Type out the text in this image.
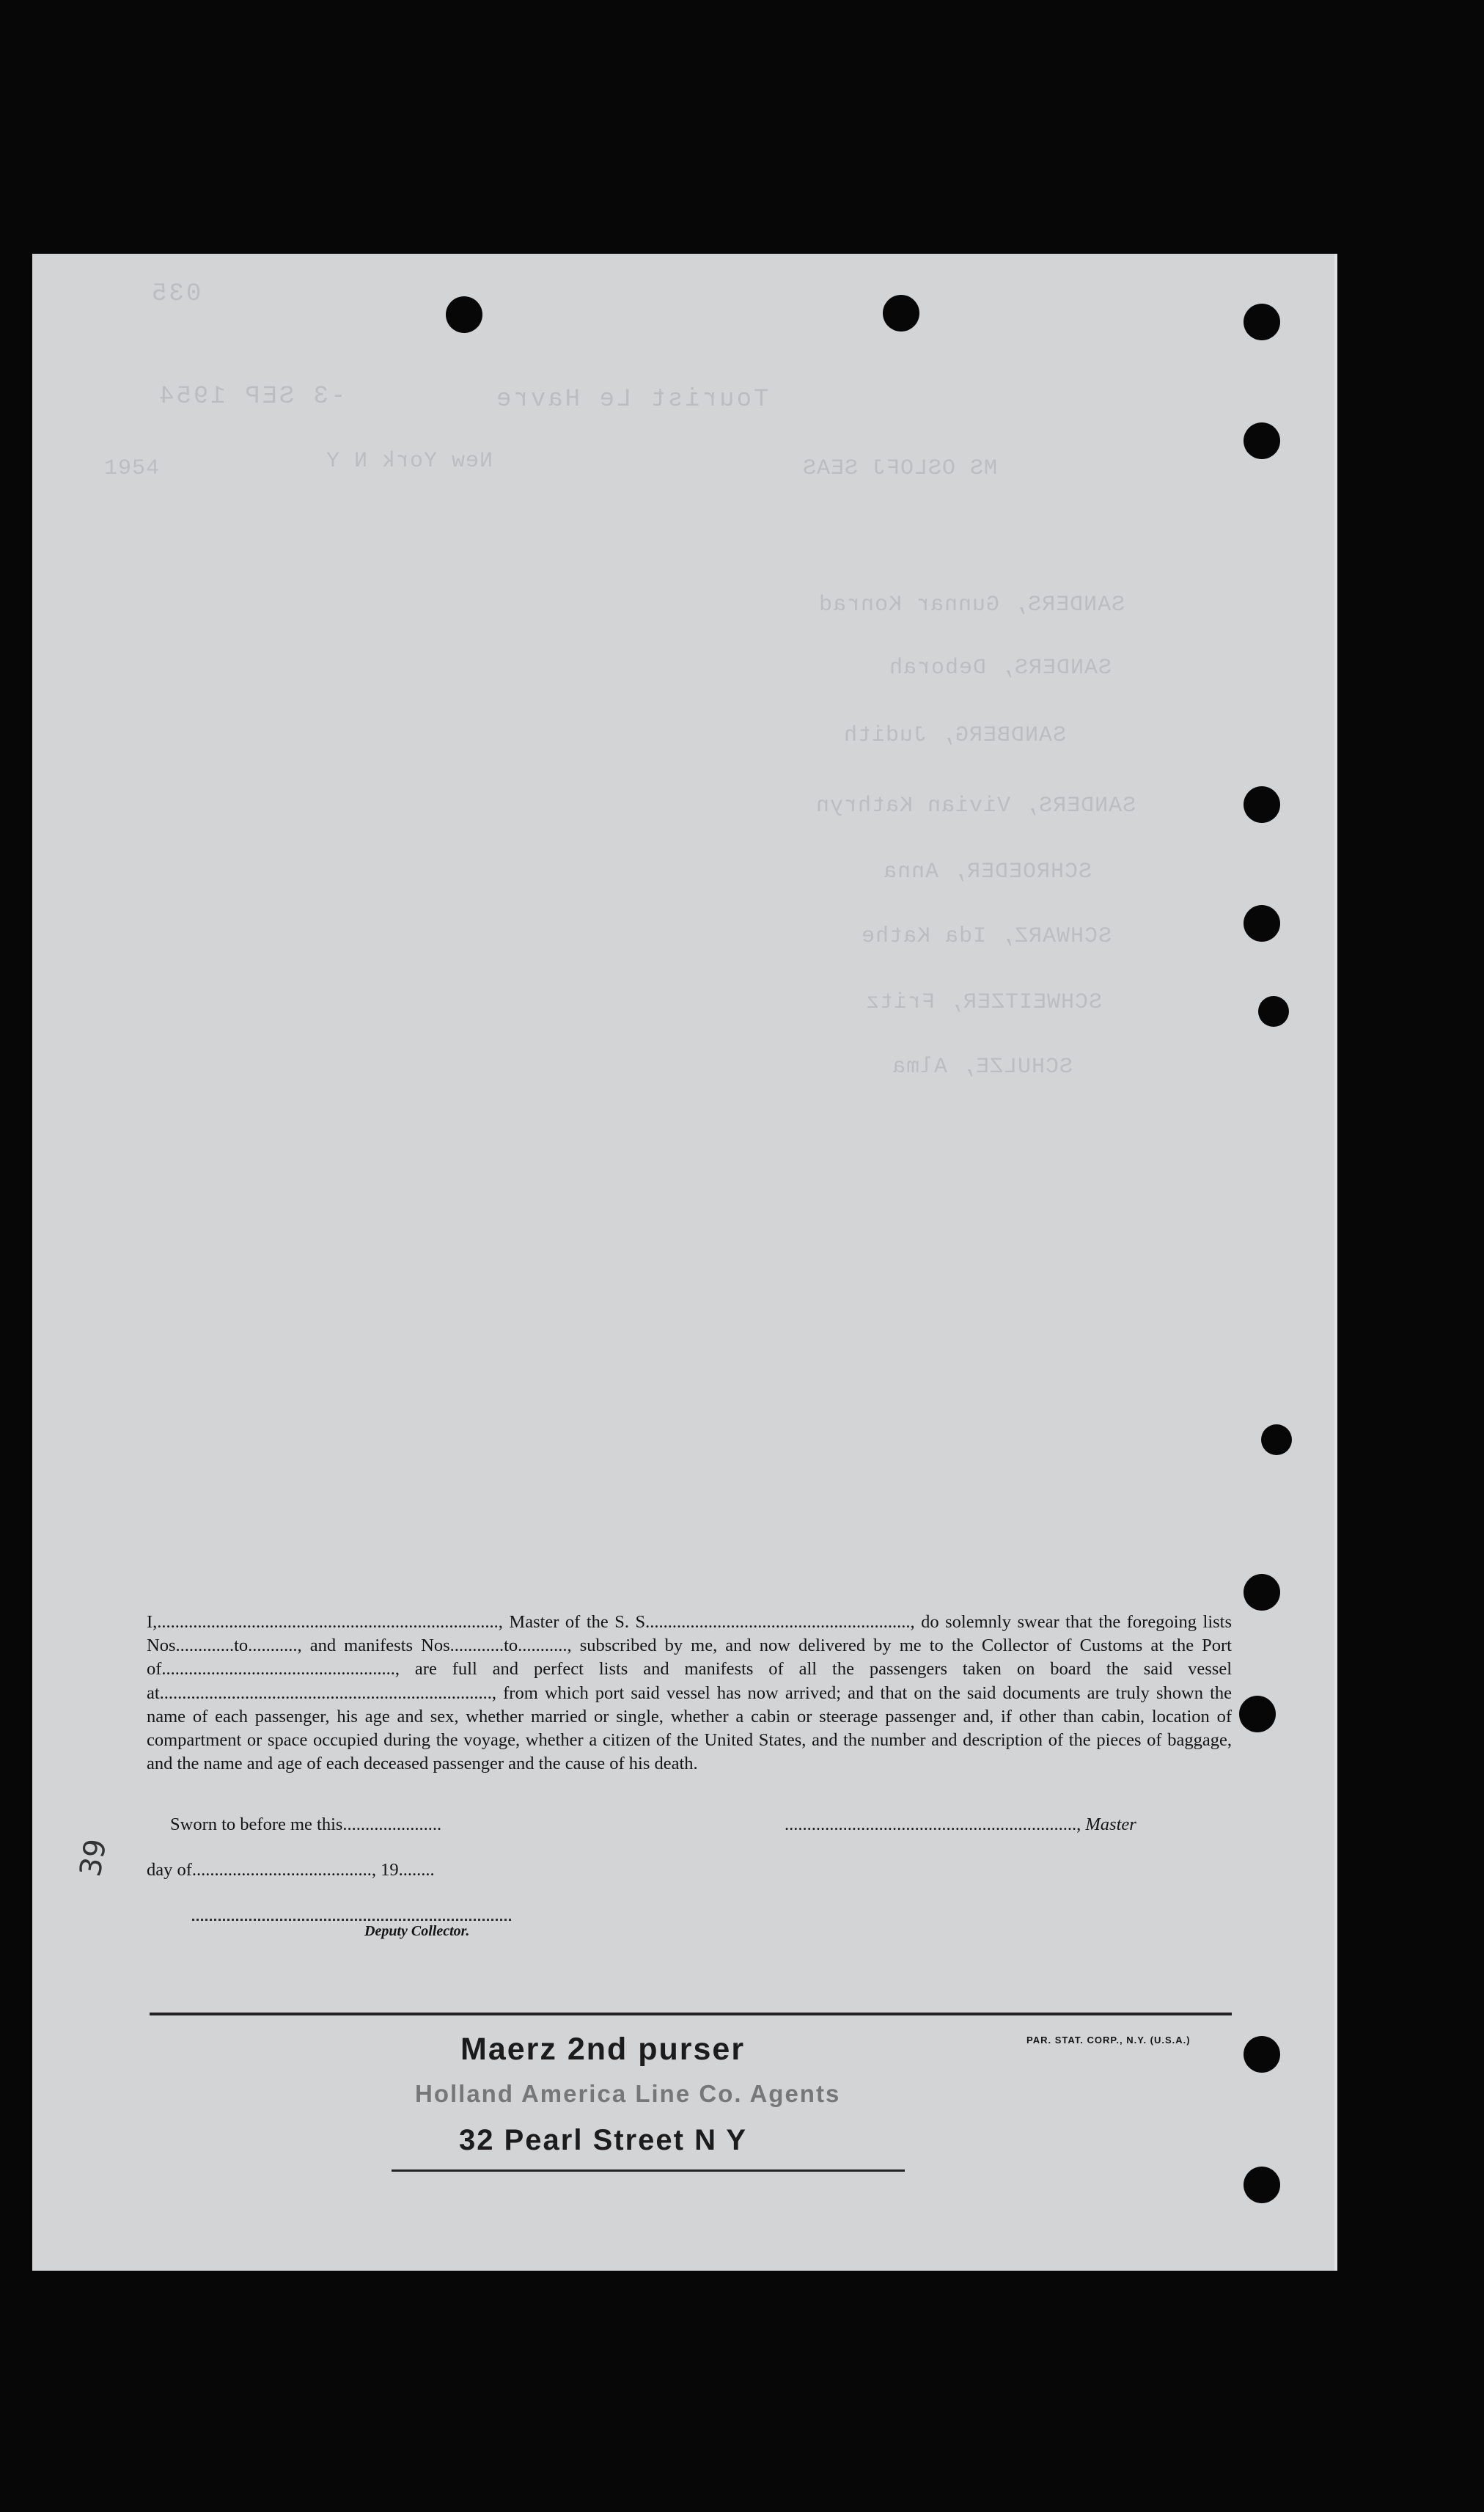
035
Tourist Le Havre
-3 SEP 1954
New York N Y
1954	MS OSLOFJ SEAS
SANDERS, Gunnar Konrad
SANDERS, Deborah
SANDBERG, Judith
SANDERS, Vivian Kathryn
SCHROEDER, Anna
SCHWARZ, Ida Kathe
SCHWEITZER, Fritz
SCHULZE, Alma

I,............................................................................, Master of the S. S..........................................................., do solemnly swear that the foregoing lists Nos.............to..........., and manifests Nos............to..........., subscribed by me, and now delivered by me to the Collector of Customs at the Port of...................................................., are full and perfect lists and manifests of all the passengers taken on board the said vessel at.........................................................................., from which port said vessel has now arrived; and that on the said documents are truly shown the name of each passenger, his age and sex, whether married or single, whether a cabin or steerage passenger and, if other than cabin, location of compartment or space occupied during the voyage, whether a citizen of the United States, and the number and description of the pieces of baggage, and the name and age of each deceased passenger and the cause of his death.

Sworn to before me this......................	................................................................., Master
day of........................................, 19........
Deputy Collector.
PAR. STAT. CORP., N.Y. (U.S.A.)
Maerz 2nd purser
Holland America Line Co. Agents
32 Pearl Street N Y
39
